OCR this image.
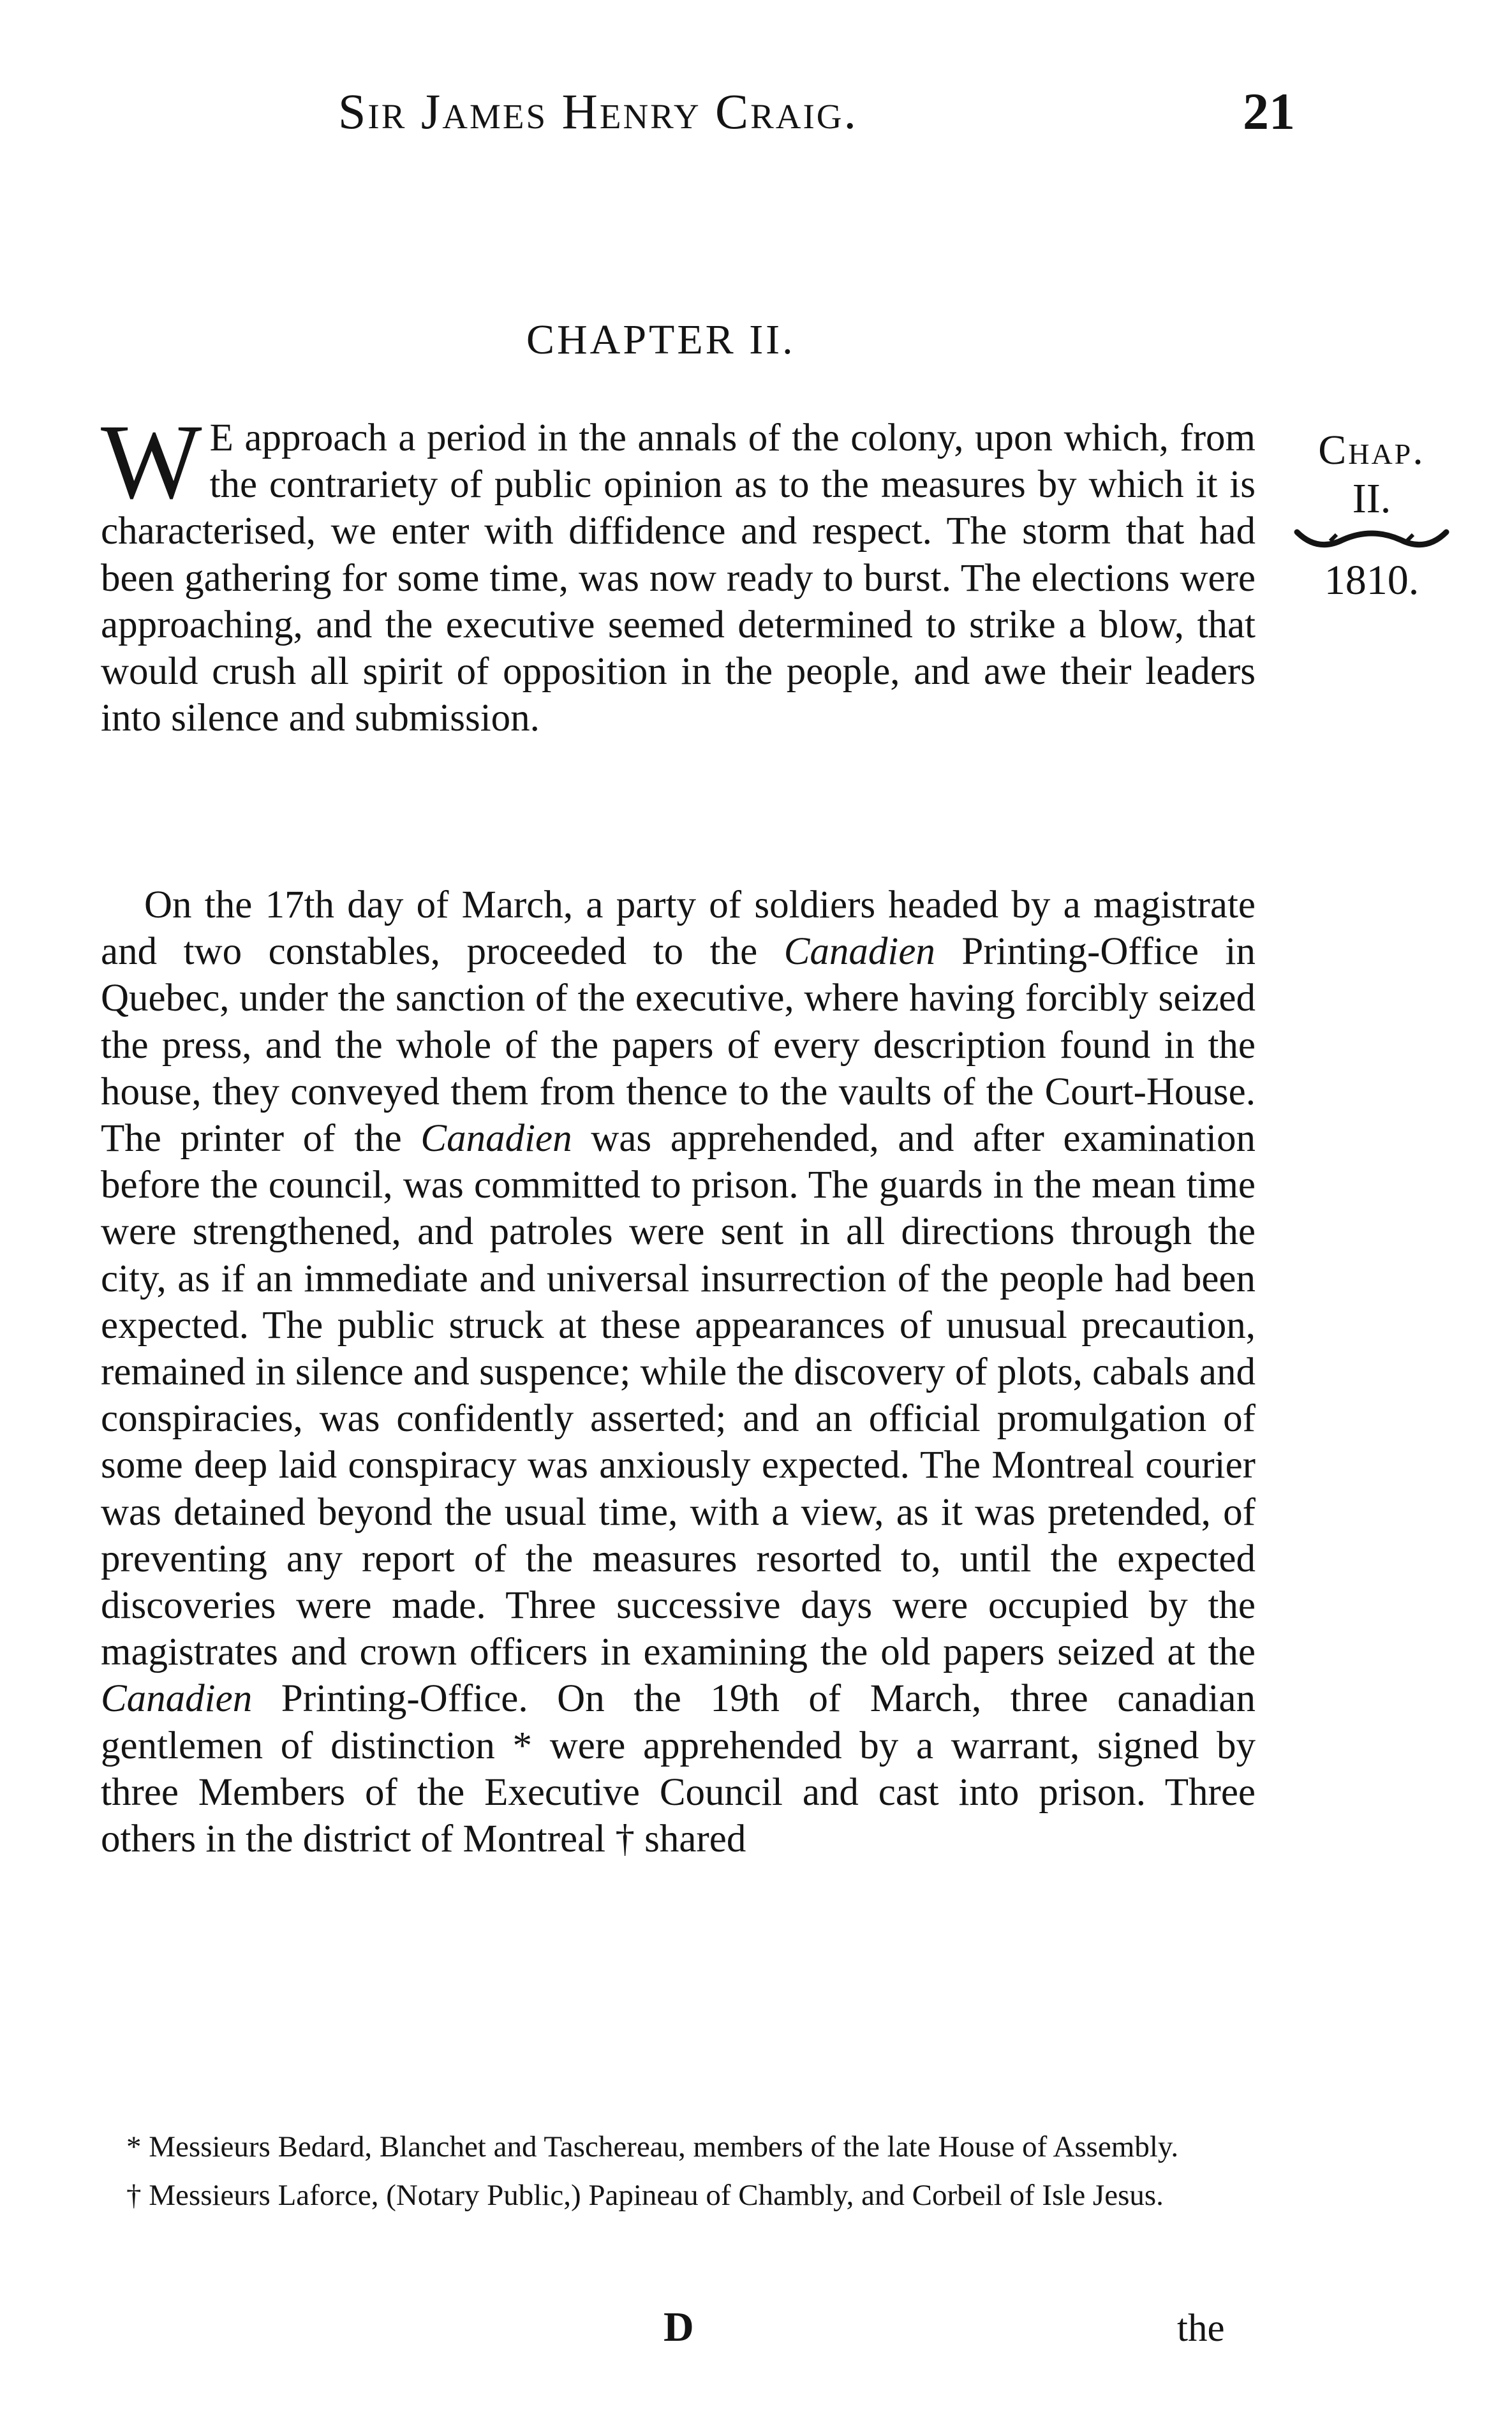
Sir James Henry Craig.	21
CHAPTER II.
Chap.
II.
1810.

W E approach a period in the annals of the colony, upon which, from the contrariety of public opinion as to the measures by which it is characterised, we enter with diffidence and respect. The storm that had been gathering for some time, was now ready to burst. The elections were approaching, and the executive seemed determined to strike a blow, that would crush all spirit of opposition in the people, and awe their leaders into silence and submission.

On the 17th day of March, a party of soldiers headed by a magistrate and two constables, proceeded to the Canadien Printing-Office in Quebec, under the sanction of the executive, where having forcibly seized the press, and the whole of the papers of every description found in the house, they conveyed them from thence to the vaults of the Court-House. The printer of the Canadien was apprehended, and after examination before the council, was committed to prison. The guards in the mean time were strengthened, and patroles were sent in all directions through the city, as if an immediate and universal insurrection of the people had been expected. The public struck at these appearances of unusual precaution, remained in silence and suspence; while the discovery of plots, cabals and conspiracies, was confidently asserted; and an official promulgation of some deep laid conspiracy was anxiously expected. The Montreal courier was detained beyond the usual time, with a view, as it was pretended, of preventing any report of the measures resorted to, until the expected discoveries were made. Three successive days were occupied by the magistrates and crown officers in examining the old papers seized at the Canadien Printing-Office. On the 19th of March, three canadian gentlemen of distinction * were apprehended by a warrant, signed by three Members of the Executive Council and cast into prison. Three others in the district of Montreal † shared

* Messieurs Bedard, Blanchet and Taschereau, members of the late House of Assembly.

† Messieurs Laforce, (Notary Public,) Papineau of Chambly, and Corbeil of Isle Jesus.

D	the
